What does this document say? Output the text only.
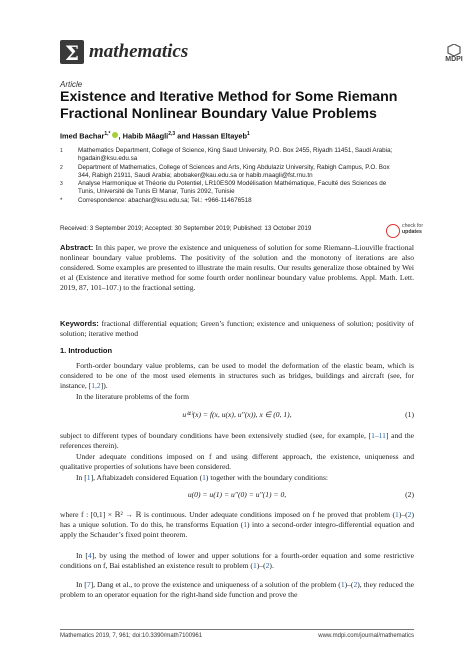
Σ mathematics	MDPI
Article
Existence and Iterative Method for Some Riemann Fractional Nonlinear Boundary Value Problems
Imed Bachar$^{1,*}$ , Habib Mâagli$^{2,3}$ and Hassan Eltayeb$^1$
1 Mathematics Department, College of Science, King Saud University, P.O. Box 2455, Riyadh 11451, Saudi Arabia; hgadain@ksu.edu.sa
2 Department of Mathematics, College of Sciences and Arts, King Abdulaziz University, Rabigh Campus, P.O. Box 344, Rabigh 21911, Saudi Arabia; abobaker@kau.edu.sa or habib.maagli@fst.rnu.tn
3 Analyse Harmonique et Théorie du Potentiel, LR10ES09 Modélisation Mathématique, Faculté des Sciences de Tunis, Université de Tunis El Manar, Tunis 2092, Tunisie
* Correspondence: abachar@ksu.edu.sa; Tel.: +966-114676518
Received: 3 September 2019; Accepted: 30 September 2019; Published: 13 October 2019	check for
updates
Abstract: In this paper, we prove the existence and uniqueness of solution for some Riemann–Liouville fractional nonlinear boundary value problems. The positivity of the solution and the monotony of iterations are also considered. Some examples are presented to illustrate the main results. Our results generalize those obtained by Wei et al (Existence and iterative method for some fourth order nonlinear boundary value problems. Appl. Math. Lett. 2019, 87, 101–107.) to the fractional setting.
Keywords: fractional differential equation; Green’s function; existence and uniqueness of solution; positivity of solution; iterative method
1. Introduction
Forth-order boundary value problems, can be used to model the deformation of the elastic beam, which is considered to be one of the most used elements in structures such as bridges, buildings and aircraft (see, for instance, [1,2]).
In the literature problems of the form
u⁽⁴⁾(x) = f(x, u(x), u″(x)), x ∈ (0, 1),	(1)
subject to different types of boundary conditions have been extensively studied (see, for example, [1–11] and the references therein).
Under adequate conditions imposed on f and using different approach, the existence, uniqueness and qualitative properties of solutions have been considered.
In [1], Aftabizadeh considered Equation (1) together with the boundary conditions:
u(0) = u(1) = u″(0) = u″(1) = 0,	(2)
where f : [0,1] × ℝ² → ℝ is continuous. Under adequate conditions imposed on f he proved that problem (1)–(2) has a unique solution. To do this, he transforms Equation (1) into a second-order integro-differential equation and apply the Schauder’s fixed point theorem.
In [4], by using the method of lower and upper solutions for a fourth-order equation and some restrictive conditions on f, Bai established an existence result to problem (1)–(2).
In [7], Dang et al., to prove the existence and uniqueness of a solution of the problem (1)–(2), they reduced the problem to an operator equation for the right-hand side function and prove the
Mathematics 2019, 7, 961; doi:10.3390/math7100961	www.mdpi.com/journal/mathematics
